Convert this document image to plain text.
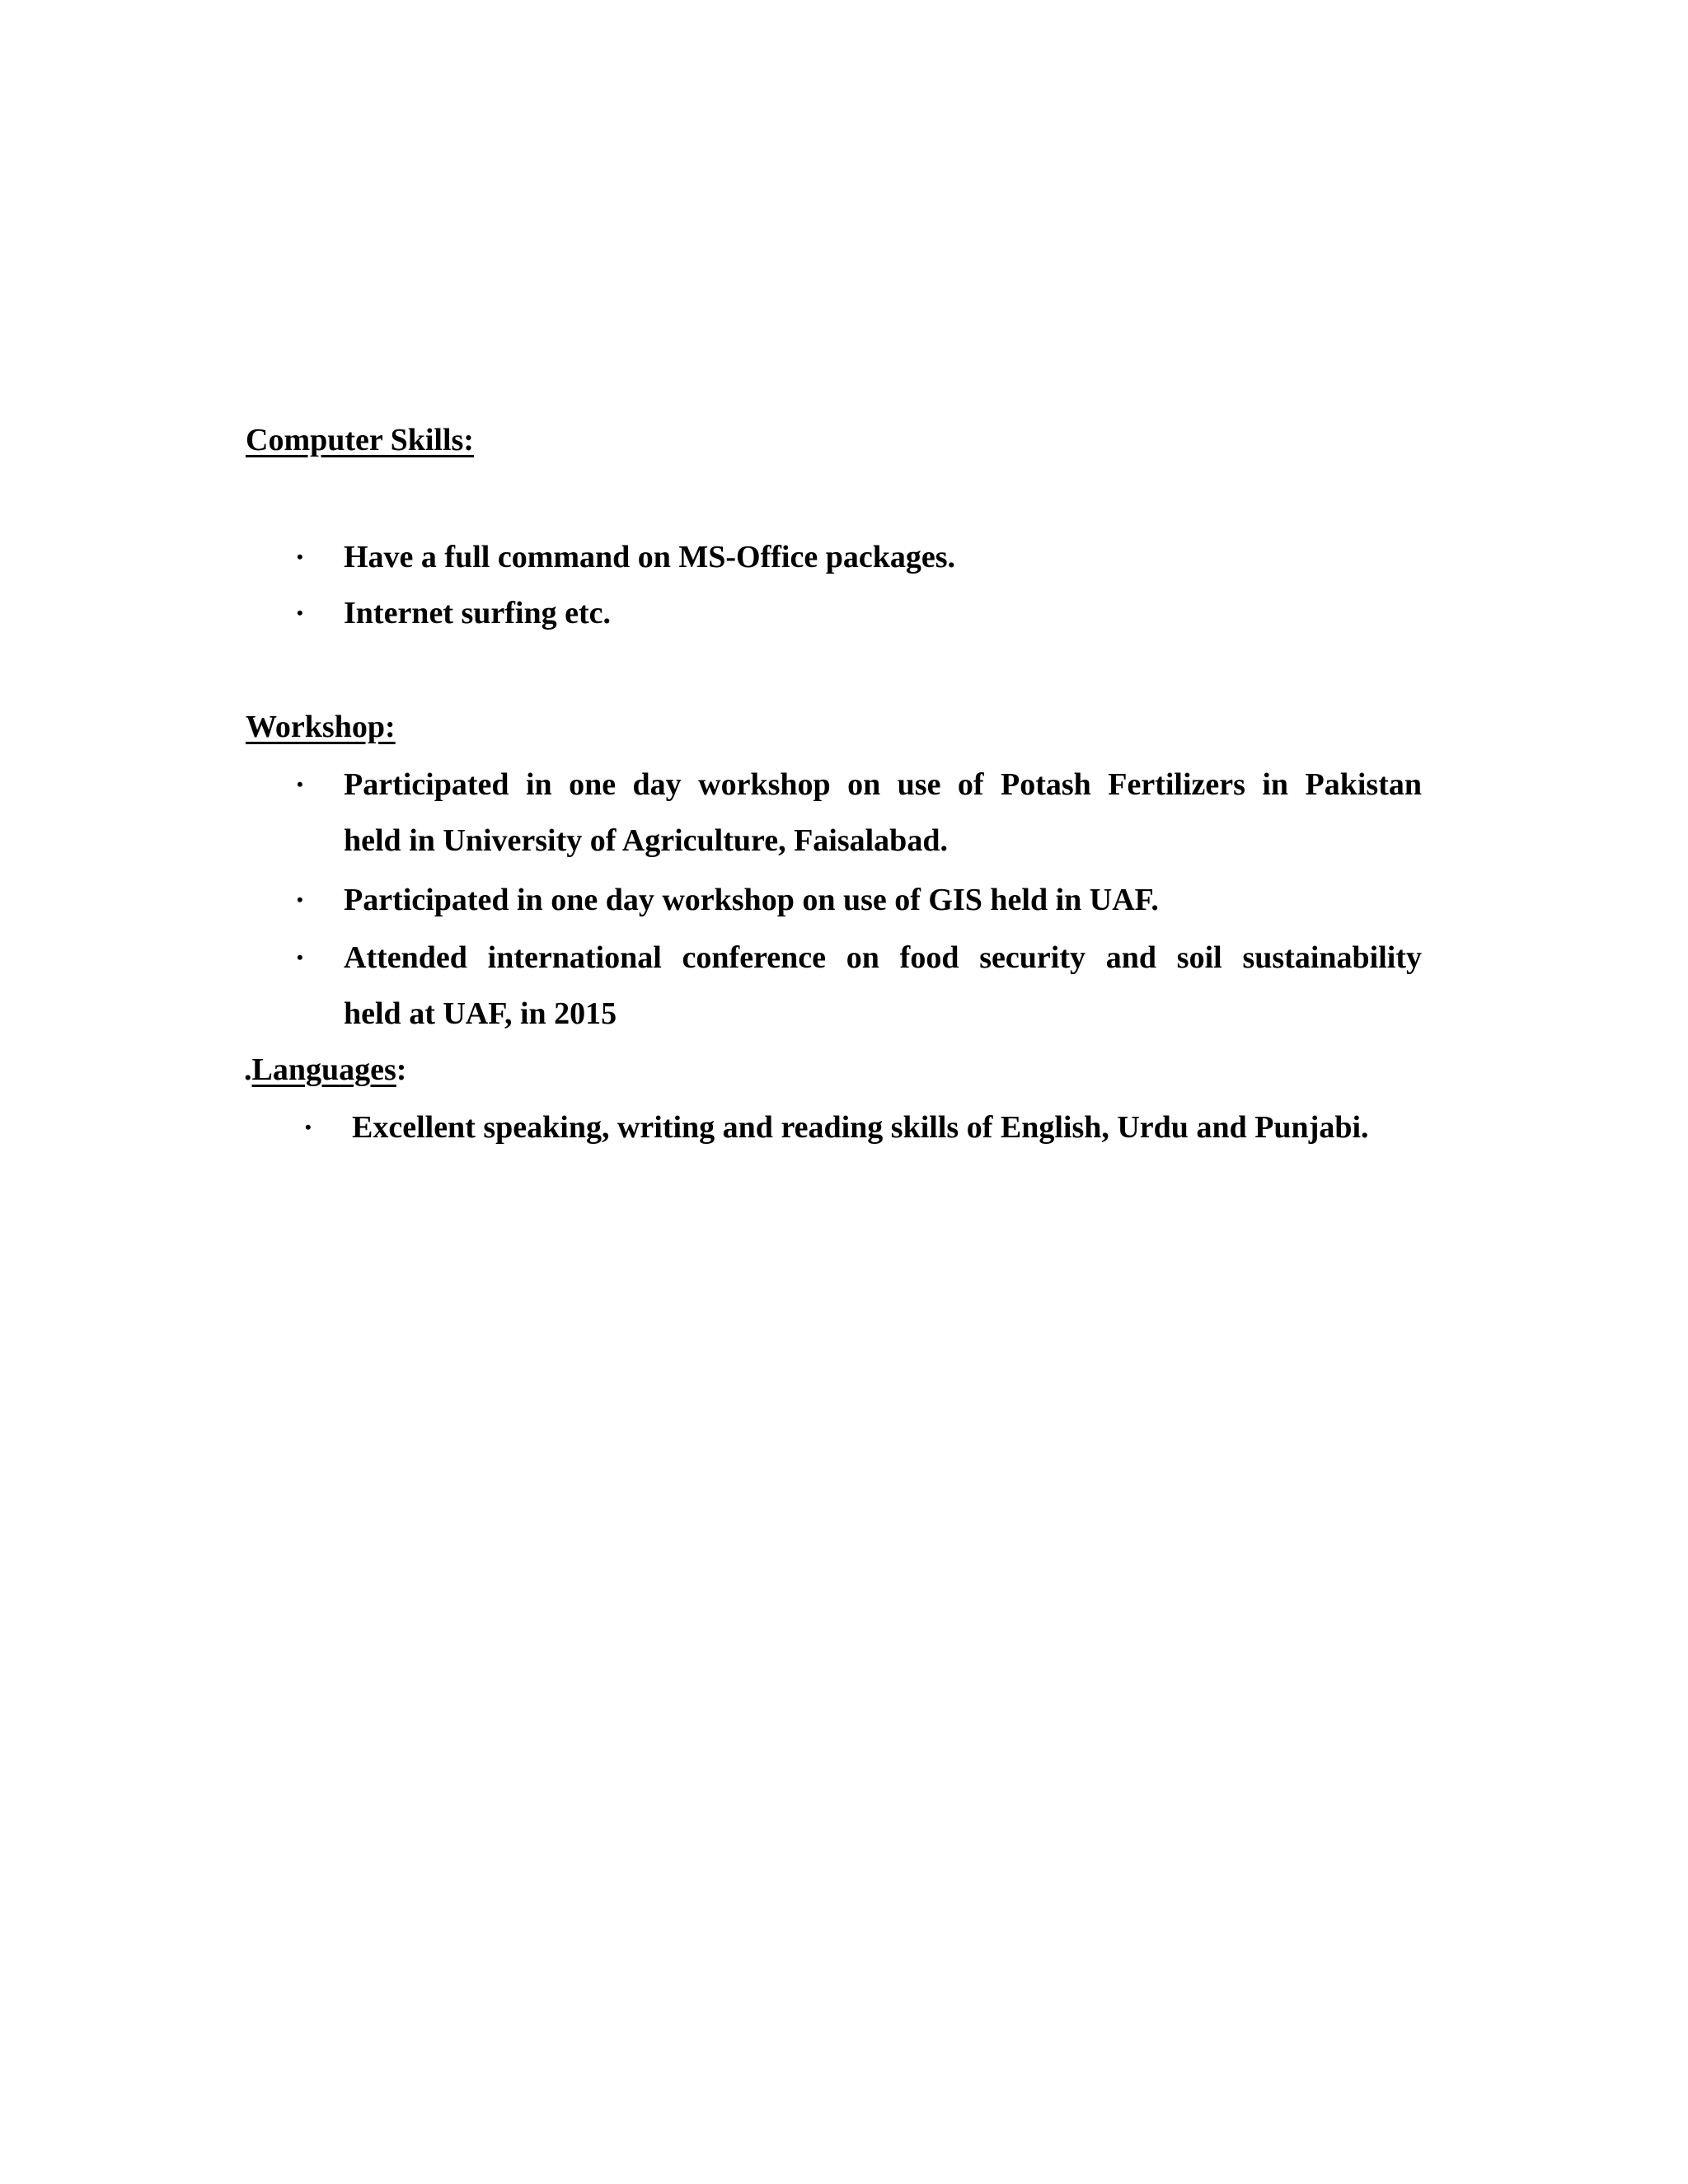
Computer Skills:
• Have a full command on MS-Office packages.
• Internet surfing etc.
Workshop:
• Participated in one day workshop on use of Potash Fertilizers in Pakistan
held in University of Agriculture, Faisalabad.
• Participated in one day workshop on use of GIS held in UAF.
• Attended international conference on food security and soil sustainability
held at UAF, in 2015
.Languages:
• Excellent speaking, writing and reading skills of English, Urdu and Punjabi.
